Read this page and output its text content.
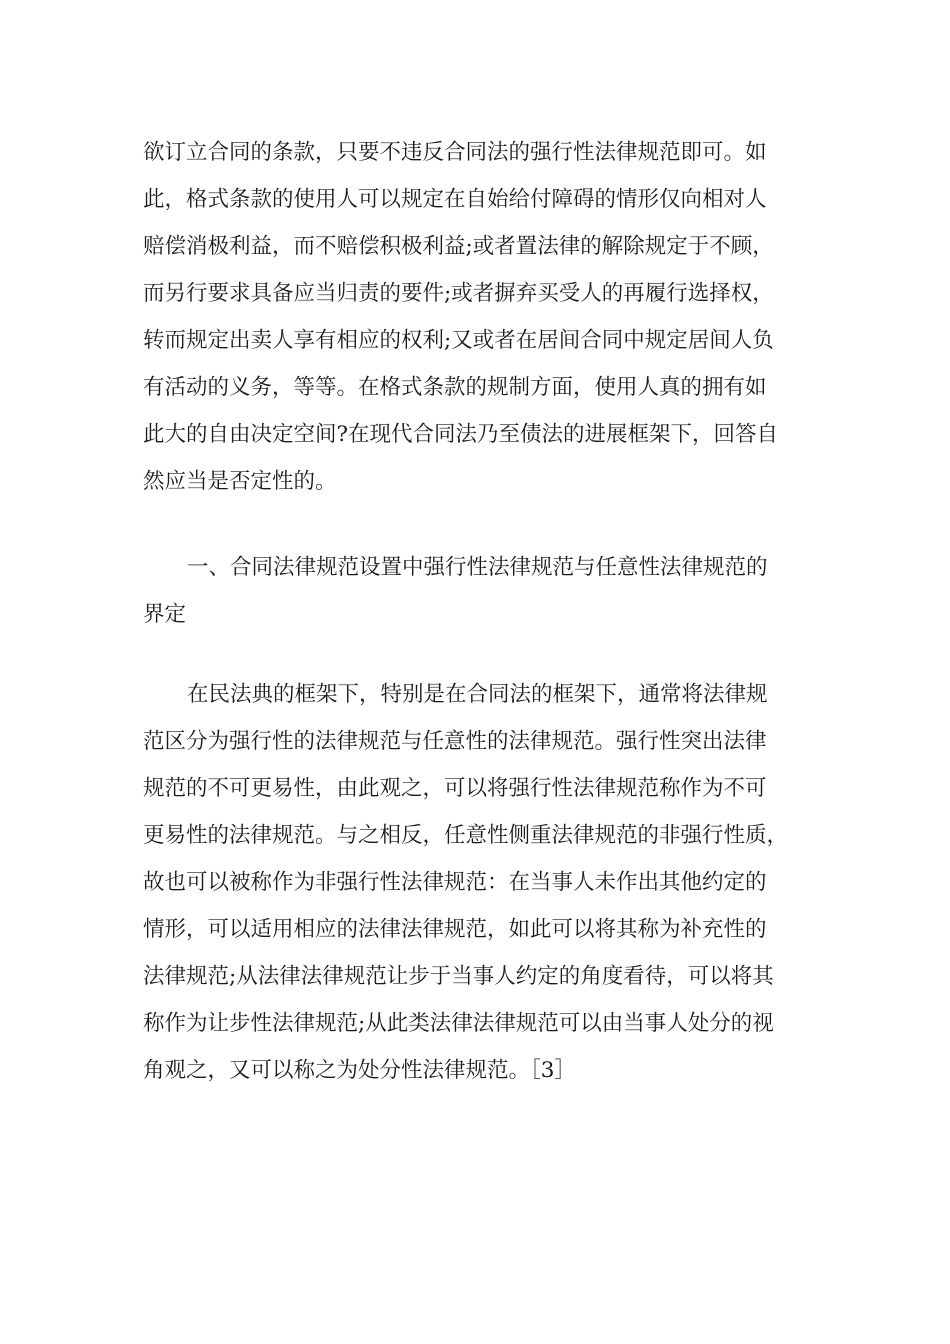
欲订立合同的条款，只要不违反合同法的强行性法律规范即可。如

此，格式条款的使用人可以规定在自始给付障碍的情形仅向相对人

赔偿消极利益，而不赔偿积极利益;或者置法律的解除规定于不顾，

而另行要求具备应当归责的要件;或者摒弃买受人的再履行选择权，

转而规定出卖人享有相应的权利;又或者在居间合同中规定居间人负

有活动的义务，等等。在格式条款的规制方面，使用人真的拥有如

此大的自由决定空间?在现代合同法乃至债法的进展框架下，回答自

然应当是否定性的。

一、合同法律规范设置中强行性法律规范与任意性法律规范的

界定

在民法典的框架下，特别是在合同法的框架下，通常将法律规

范区分为强行性的法律规范与任意性的法律规范。强行性突出法律

规范的不可更易性，由此观之，可以将强行性法律规范称作为不可

更易性的法律规范。与之相反，任意性侧重法律规范的非强行性质，

故也可以被称作为非强行性法律规范：在当事人未作出其他约定的

情形，可以适用相应的法律法律规范，如此可以将其称为补充性的

法律规范;从法律法律规范让步于当事人约定的角度看待，可以将其

称作为让步性法律规范;从此类法律法律规范可以由当事人处分的视

角观之，又可以称之为处分性法律规范。［3］
